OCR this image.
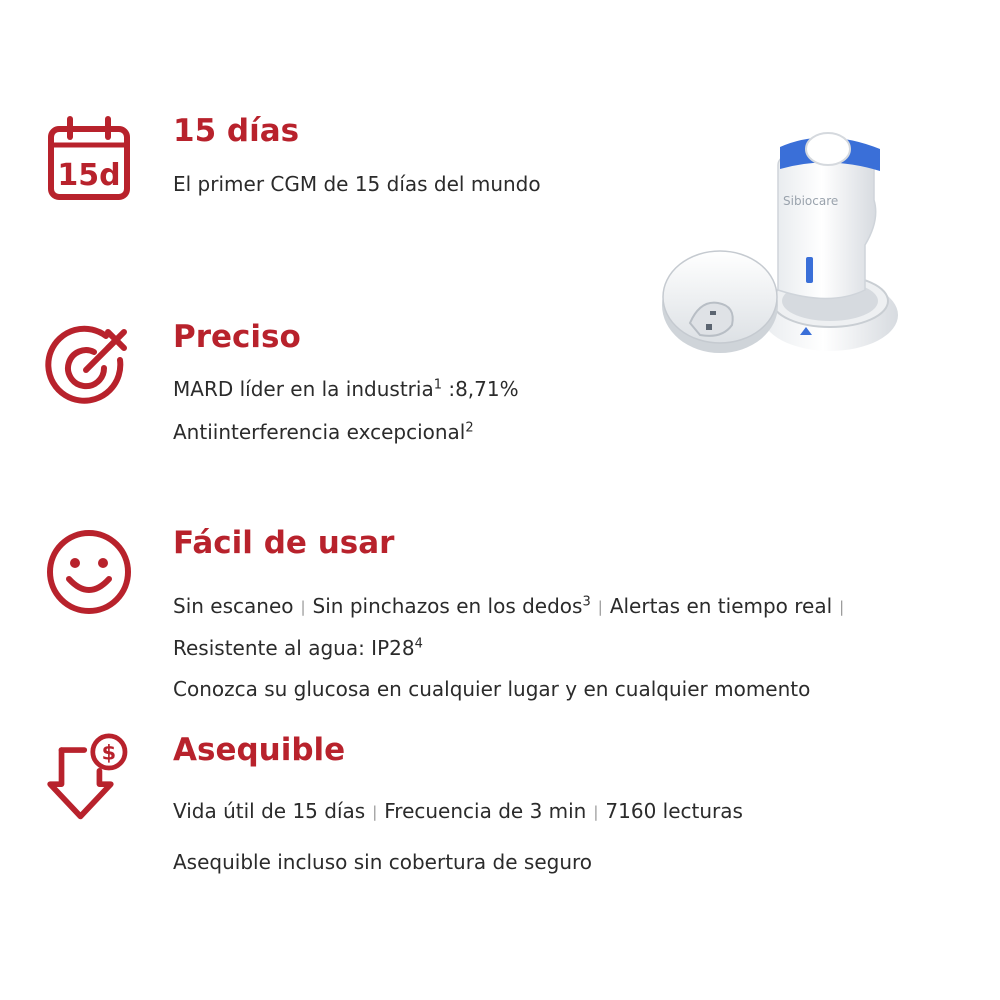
15d
15 días
El primer CGM de 15 días del mundo
Preciso
MARD líder en la industria$^1$ :8,71%
Antiinterferencia excepcional$^2$
Fácil de usar
Sin escaneo | Sin pinchazos en los dedos$^3$ | Alertas en tiempo real |
Resistente al agua: $IP28^4$
Conozca su glucosa en cualquier lugar y en cualquier momento
$ Asequible
Vida útil de 15 días | Frecuencia de 3 min | 7160 lecturas
Asequible incluso sin cobertura de seguro
Sibiocare
